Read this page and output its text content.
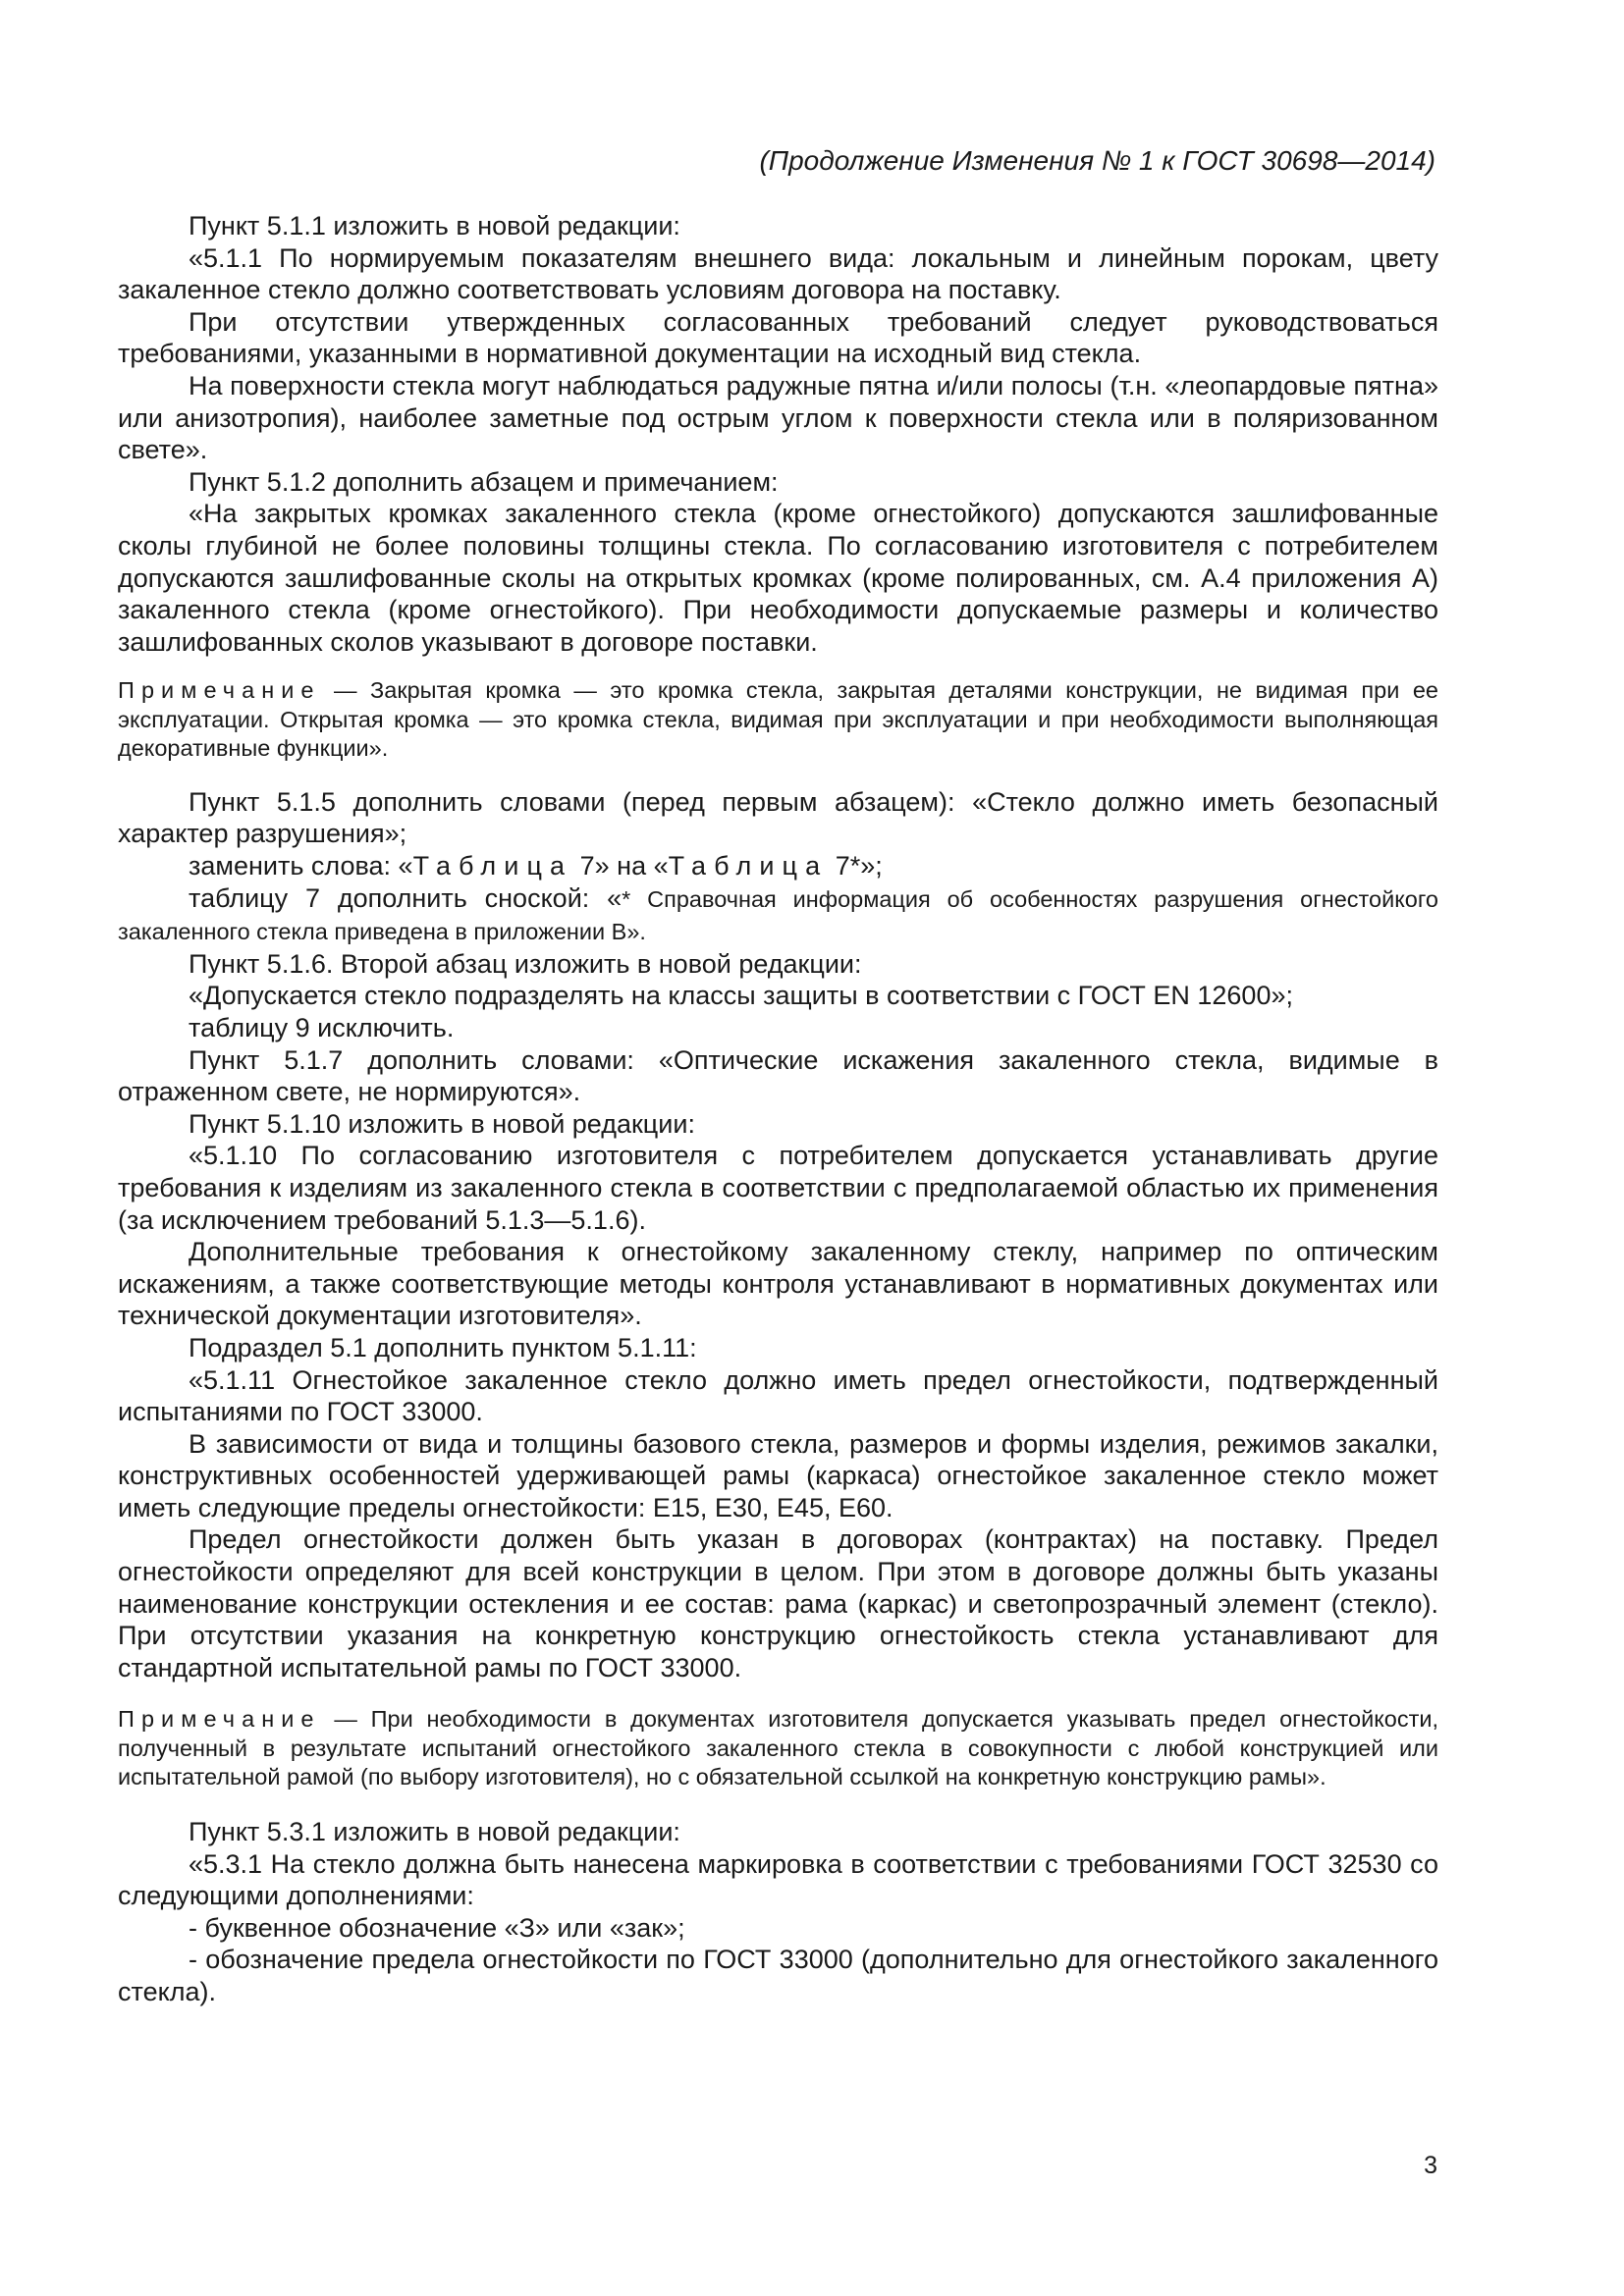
(Продолжение Изменения № 1 к ГОСТ 30698—2014)

Пункт 5.1.1 изложить в новой редакции:

«5.1.1 По нормируемым показателям внешнего вида: локальным и линейным порокам, цвету закаленное стекло должно соответствовать условиям договора на поставку.

При отсутствии утвержденных согласованных требований следует руководствоваться требованиями, указанными в нормативной документации на исходный вид стекла.

На поверхности стекла могут наблюдаться радужные пятна и/или полосы (т.н. «леопардовые пятна» или анизотропия), наиболее заметные под острым углом к поверхности стекла или в поляризованном свете».

Пункт 5.1.2 дополнить абзацем и примечанием:

«На закрытых кромках закаленного стекла (кроме огнестойкого) допускаются зашлифованные сколы глубиной не более половины толщины стекла. По согласованию изготовителя с потребителем допускаются зашлифованные сколы на открытых кромках (кроме полированных, см. А.4 приложения А) закаленного стекла (кроме огнестойкого). При необходимости допускаемые размеры и количество зашлифованных сколов указывают в договоре поставки.

Примечание — Закрытая кромка — это кромка стекла, закрытая деталями конструкции, не видимая при ее эксплуатации. Открытая кромка — это кромка стекла, видимая при эксплуатации и при необходимости выполняющая декоративные функции».

Пункт 5.1.5 дополнить словами (перед первым абзацем): «Стекло должно иметь безопасный характер разрушения»;

заменить слова: «Таблица 7» на «Таблица 7*»;

таблицу 7 дополнить сноской: «* Справочная информация об особенностях разрушения огнестойкого закаленного стекла приведена в приложении В».

Пункт 5.1.6. Второй абзац изложить в новой редакции:

«Допускается стекло подразделять на классы защиты в соответствии с ГОСТ EN 12600»;

таблицу 9 исключить.

Пункт 5.1.7 дополнить словами: «Оптические искажения закаленного стекла, видимые в отраженном свете, не нормируются».

Пункт 5.1.10 изложить в новой редакции:

«5.1.10 По согласованию изготовителя с потребителем допускается устанавливать другие требования к изделиям из закаленного стекла в соответствии с предполагаемой областью их применения (за исключением требований 5.1.3—5.1.6).

Дополнительные требования к огнестойкому закаленному стеклу, например по оптическим искажениям, а также соответствующие методы контроля устанавливают в нормативных документах или технической документации изготовителя».

Подраздел 5.1 дополнить пунктом 5.1.11:

«5.1.11 Огнестойкое закаленное стекло должно иметь предел огнестойкости, подтвержденный испытаниями по ГОСТ 33000.

В зависимости от вида и толщины базового стекла, размеров и формы изделия, режимов закалки, конструктивных особенностей удерживающей рамы (каркаса) огнестойкое закаленное стекло может иметь следующие пределы огнестойкости: Е15, Е30, Е45, Е60.

Предел огнестойкости должен быть указан в договорах (контрактах) на поставку. Предел огнестойкости определяют для всей конструкции в целом. При этом в договоре должны быть указаны наименование конструкции остекления и ее состав: рама (каркас) и светопрозрачный элемент (стекло). При отсутствии указания на конкретную конструкцию огнестойкость стекла устанавливают для стандартной испытательной рамы по ГОСТ 33000.

Примечание — При необходимости в документах изготовителя допускается указывать предел огнестойкости, полученный в результате испытаний огнестойкого закаленного стекла в совокупности с любой конструкцией или испытательной рамой (по выбору изготовителя), но с обязательной ссылкой на конкретную конструкцию рамы».

Пункт 5.3.1 изложить в новой редакции:

«5.3.1 На стекло должна быть нанесена маркировка в соответствии с требованиями ГОСТ 32530 со следующими дополнениями:

- буквенное обозначение «З» или «зак»;

- обозначение предела огнестойкости по ГОСТ 33000 (дополнительно для огнестойкого закаленного стекла).

3
